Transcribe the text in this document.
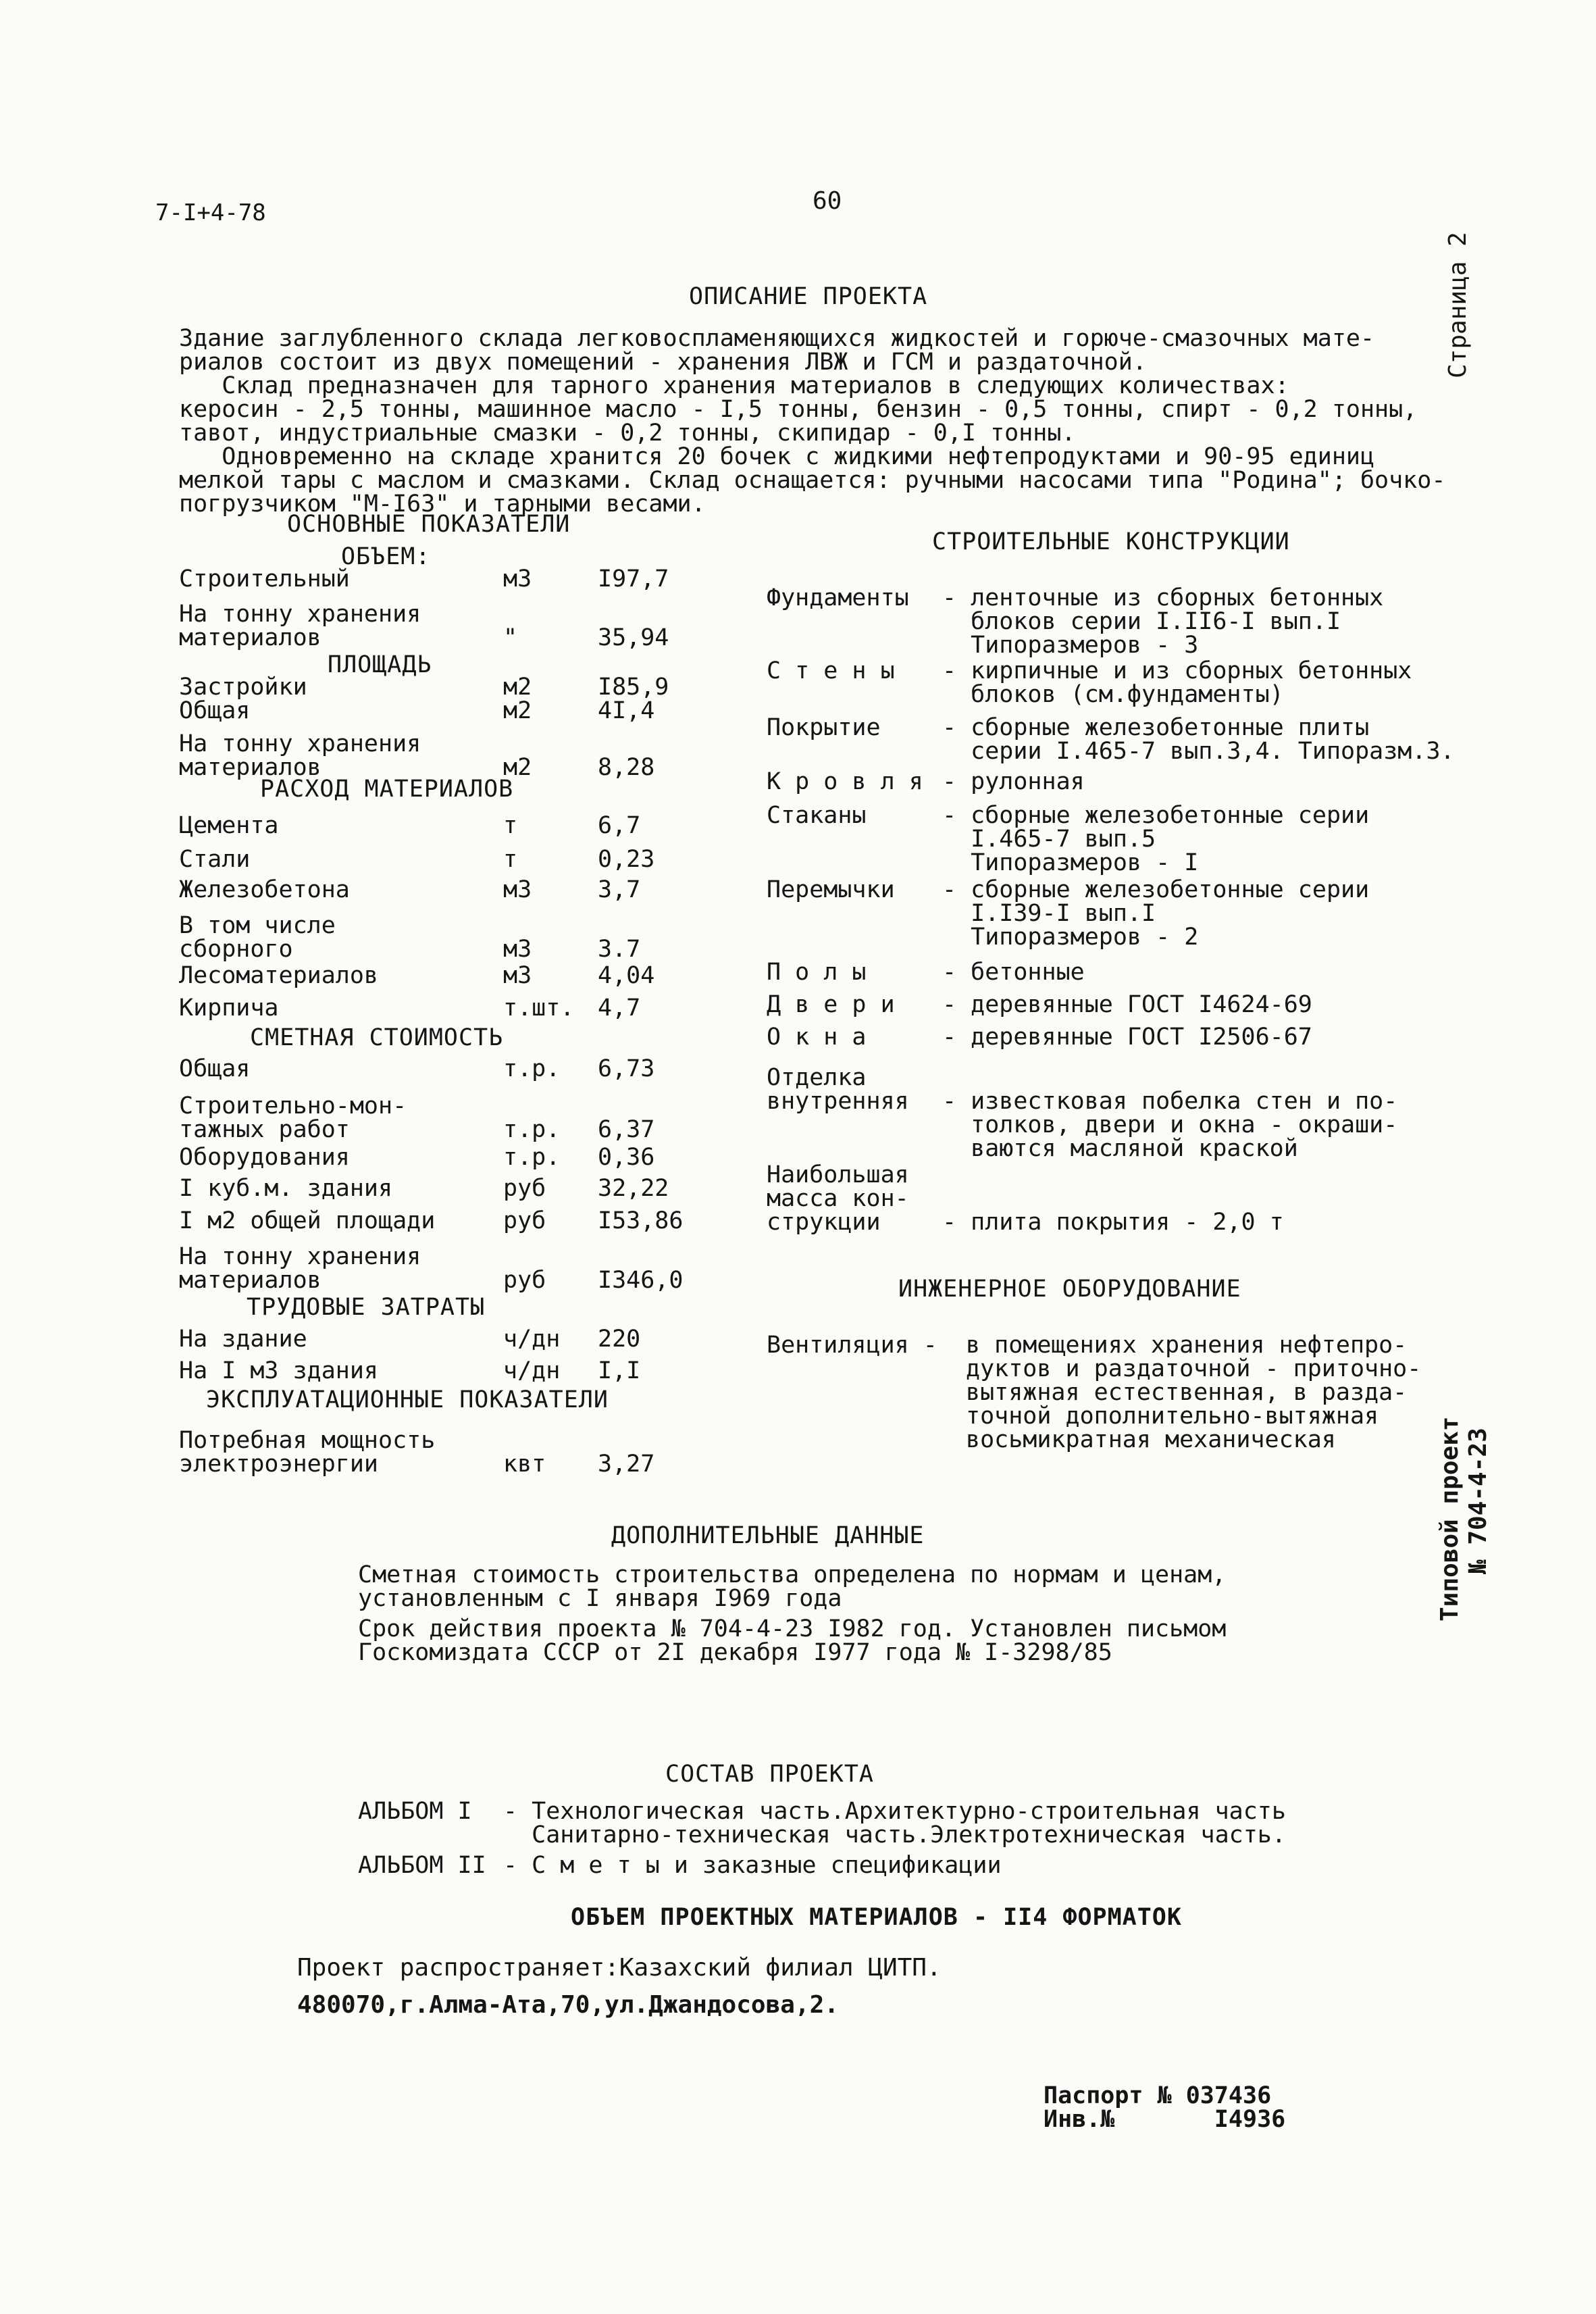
7-I+4-78	60
Страница 2
Типовой проект № 704-4-23
ОПИСАНИЕ ПРОЕКТА
Здание заглубленного склада легковоспламеняющихся жидкостей и горюче-смазочных мате-
риалов состоит из двух помещений - хранения ЛВЖ и ГСМ и раздаточной.
Склад предназначен для тарного хранения материалов в следующих количествах:
керосин - 2,5 тонны, машинное масло - I,5 тонны, бензин - 0,5 тонны, спирт - 0,2 тонны,
тавот, индустриальные смазки - 0,2 тонны, скипидар - 0,I тонны.
Одновременно на складе хранится 20 бочек с жидкими нефтепродуктами и 90-95 единиц
мелкой тары с маслом и смазками. Склад оснащается: ручными насосами типа "Родина"; бочко-
погрузчиком "М-I63" и тарными весами.
ОСНОВНЫЕ ПОКАЗАТЕЛИ
ОБЪЕМ:
ПЛОЩАДЬ
РАСХОД МАТЕРИАЛОВ
СМЕТНАЯ СТОИМОСТЬ
ТРУДОВЫЕ ЗАТРАТЫ
ЭКСПЛУАТАЦИОННЫЕ ПОКАЗАТЕЛИ
Строительный	м3	I97,7
На тонну хранения
материалов	"	35,94
Застройки	м2	I85,9
Общая	м2	4I,4
На тонну хранения
материалов	м2	8,28
Цемента	т	6,7
Стали	т	0,23
Железобетона	м3	3,7
В том числе
сборного	м3	3.7
Лесоматериалов	м3	4,04
Кирпича	т.шт. 4,7
Общая	т.р. 6,73
Строительно-мон-
тажных работ	т.р. 6,37
Оборудования	т.р. 0,36
I куб.м. здания	руб 32,22
I м2 общей площади	руб I53,86
На тонну хранения
материалов	руб I346,0
На здание	ч/дн 220
На I м3 здания	ч/дн I,I
Потребная мощность
электроэнергии	квт 3,27
СТРОИТЕЛЬНЫЕ КОНСТРУКЦИИ
Фундаменты - ленточные из сборных бетонных
блоков серии I.II6-I вып.I
Типоразмеров - 3
С т е н ы - кирпичные и из сборных бетонных
блоков (см.фундаменты)
Покрытие	- сборные железобетонные плиты
серии I.465-7 вып.3,4. Типоразм.3.
К р о в л я - рулонная
Стаканы	- сборные железобетонные серии
I.465-7 вып.5
Типоразмеров - I
Перемычки - сборные железобетонные серии
I.I39-I вып.I
Типоразмеров - 2
П о л ы	- бетонные
Д в е р и - деревянные ГОСТ I4624-69
О к н а	- деревянные ГОСТ I2506-67
Отделка
внутренняя
- известковая побелка стен и по-
толков, двери и окна - окраши-
ваются масляной краской
Наибольшая
масса кон-
струкции	

- плита покрытия - 2,0 т
ИНЖЕНЕРНОЕ ОБОРУДОВАНИЕ
Вентиляция - в помещениях хранения нефтепро-
дуктов и раздаточной - приточно-
вытяжная естественная, в разда-
точной дополнительно-вытяжная
восьмикратная механическая
ДОПОЛНИТЕЛЬНЫЕ ДАННЫЕ
Сметная стоимость строительства определена по нормам и ценам,
установленным с I января I969 года
Срок действия проекта № 704-4-23 I982 год. Установлен письмом
Госкомиздата СССР от 2I декабря I977 года № I-3298/85
СОСТАВ ПРОЕКТА
АЛЬБОМ I - Технологическая часть.Архитектурно-строительная часть
Санитарно-техническая часть.Электротехническая часть.
АЛЬБОМ II - С м е т ы и заказные спецификации
ОБЪЕМ ПРОЕКТНЫХ МАТЕРИАЛОВ - II4 ФОРМАТОК
Проект распространяет:Казахский филиал ЦИТП.
480070,г.Алма-Ата,70,ул.Джандосова,2.
Паспорт № 037436
Инв.№       I4936
